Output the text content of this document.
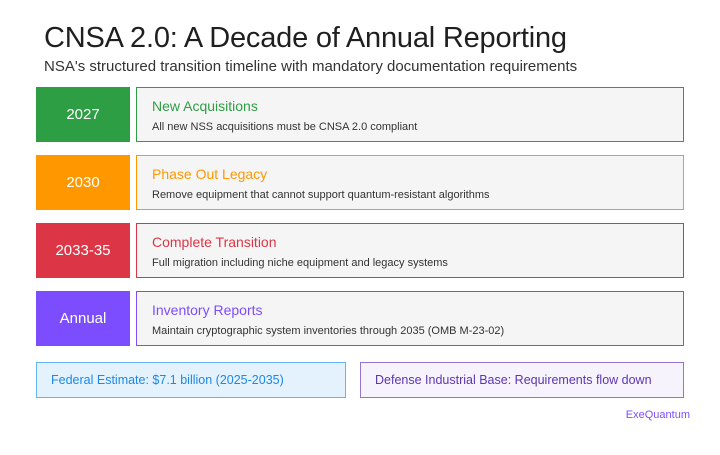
CNSA 2.0: A Decade of Annual Reporting
NSA's structured transition timeline with mandatory documentation requirements
2027	New Acquisitions
All new NSS acquisitions must be CNSA 2.0 compliant
2030	Phase Out Legacy
Remove equipment that cannot support quantum-resistant algorithms
2033-35	Complete Transition
Full migration including niche equipment and legacy systems
Annual	Inventory Reports
Maintain cryptographic system inventories through 2035 (OMB M-23-02)
Federal Estimate: $7.1 billion (2025-2035)	Defense Industrial Base: Requirements flow down
ExeQuantum
